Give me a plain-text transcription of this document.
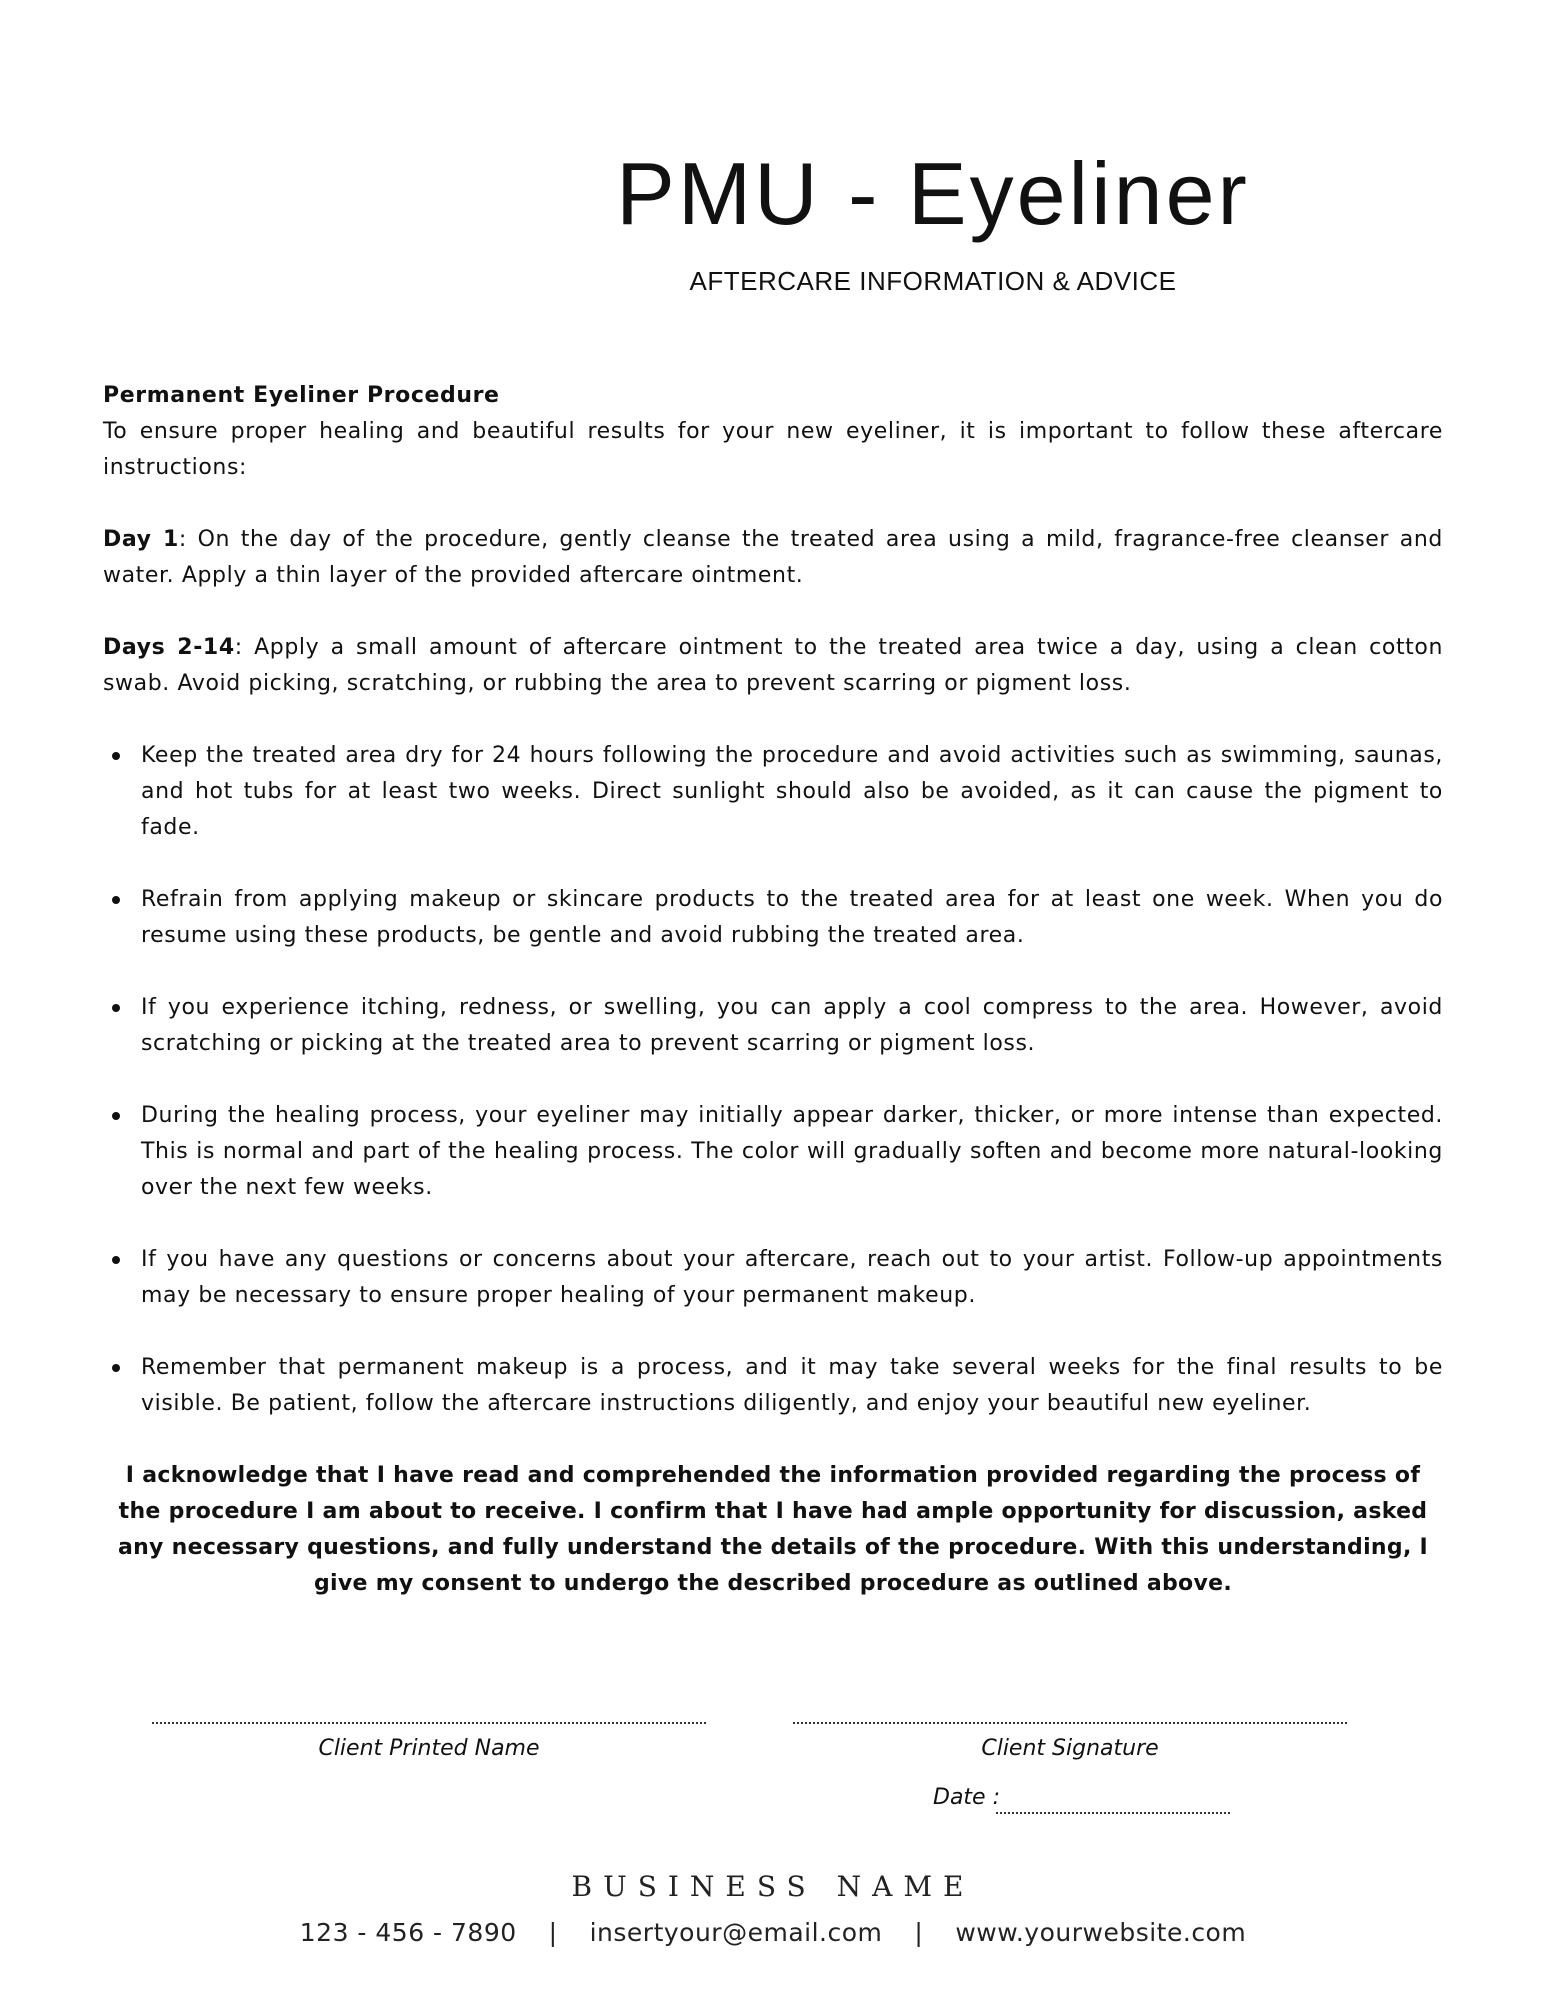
PMU - Eyeliner
AFTERCARE INFORMATION & ADVICE

Permanent Eyeliner Procedure

To ensure proper healing and beautiful results for your new eyeliner, it is important to follow these aftercare instructions:

Day 1: On the day of the procedure, gently cleanse the treated area using a mild, fragrance-free cleanser and water. Apply a thin layer of the provided aftercare ointment.

Days 2-14: Apply a small amount of aftercare ointment to the treated area twice a day, using a clean cotton swab. Avoid picking, scratching, or rubbing the area to prevent scarring or pigment loss.

Keep the treated area dry for 24 hours following the procedure and avoid activities such as swimming, saunas, and hot tubs for at least two weeks. Direct sunlight should also be avoided, as it can cause the pigment to fade.
Refrain from applying makeup or skincare products to the treated area for at least one week. When you do resume using these products, be gentle and avoid rubbing the treated area.
If you experience itching, redness, or swelling, you can apply a cool compress to the area. However, avoid scratching or picking at the treated area to prevent scarring or pigment loss.
During the healing process, your eyeliner may initially appear darker, thicker, or more intense than expected. This is normal and part of the healing process. The color will gradually soften and become more natural-looking over the next few weeks.
If you have any questions or concerns about your aftercare, reach out to your artist. Follow-up appointments may be necessary to ensure proper healing of your permanent makeup.
Remember that permanent makeup is a process, and it may take several weeks for the final results to be visible. Be patient, follow the aftercare instructions diligently, and enjoy your beautiful new eyeliner.

I acknowledge that I have read and comprehended the information provided regarding the process of the procedure I am about to receive. I confirm that I have had ample opportunity for discussion, asked any necessary questions, and fully understand the details of the procedure. With this understanding, I give my consent to undergo the described procedure as outlined above.

Client Printed Name	Client Signature
Date :
BUSINESS NAME
123 - 456 - 7890 | insertyour@email.com | www.yourwebsite.com
